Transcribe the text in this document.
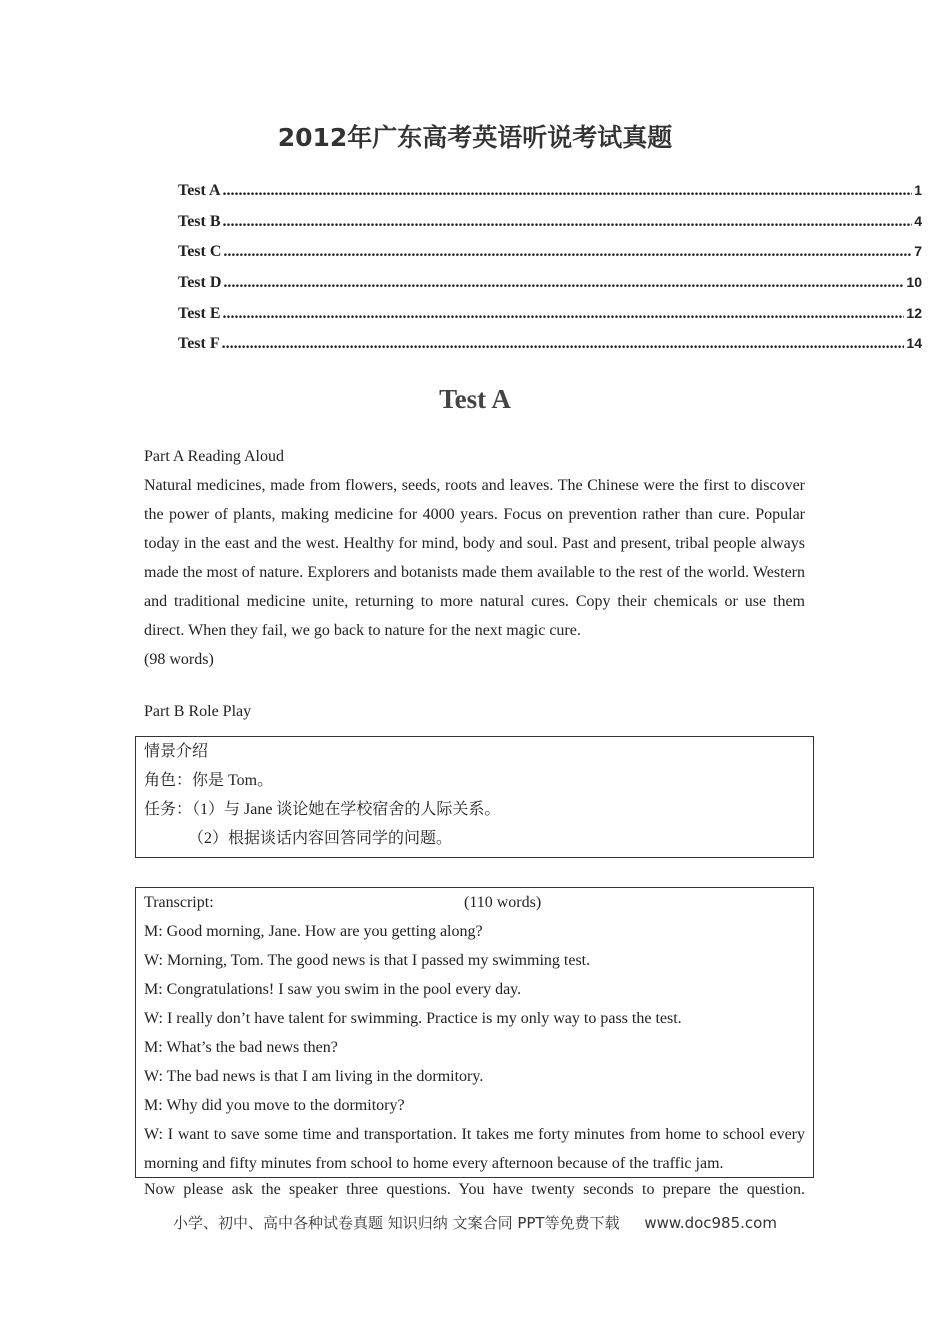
2012年广东高考英语听说考试真题
Test A .....	1
Test B .....	4
Test C .....	7
Test D .....	10
Test E .....	12
Test F .....	14
Test A
Part A Reading Aloud
Natural medicines, made from flowers, seeds, roots and leaves. The Chinese were the first to discover the power of plants, making medicine for 4000 years. Focus on prevention rather than cure. Popular today in the east and the west. Healthy for mind, body and soul. Past and present, tribal people always made the most of nature. Explorers and botanists made them available to the rest of the world. Western and traditional medicine unite, returning to more natural cures. Copy their chemicals or use them direct. When they fail, we go back to nature for the next magic cure.
(98 words)
Part B Role Play
情景介绍
角色：你是 Tom。
任务：（1）与 Jane 谈论她在学校宿舍的人际关系。
（2）根据谈话内容回答同学的问题。
Transcript:	(110 words)
M: Good morning, Jane. How are you getting along?
W: Morning, Tom. The good news is that I passed my swimming test.
M: Congratulations! I saw you swim in the pool every day.
W: I really don’t have talent for swimming. Practice is my only way to pass the test.
M: What’s the bad news then?
W: The bad news is that I am living in the dormitory.
M: Why did you move to the dormitory?
W: I want to save some time and transportation. It takes me forty minutes from home to school every morning and fifty minutes from school to home every afternoon because of the traffic jam.
Now please ask the speaker three questions. You have twenty seconds to prepare the question.
小学、初中、高中各种试卷真题 知识归纳 文案合同 PPT等免费下载 www.doc985.com
